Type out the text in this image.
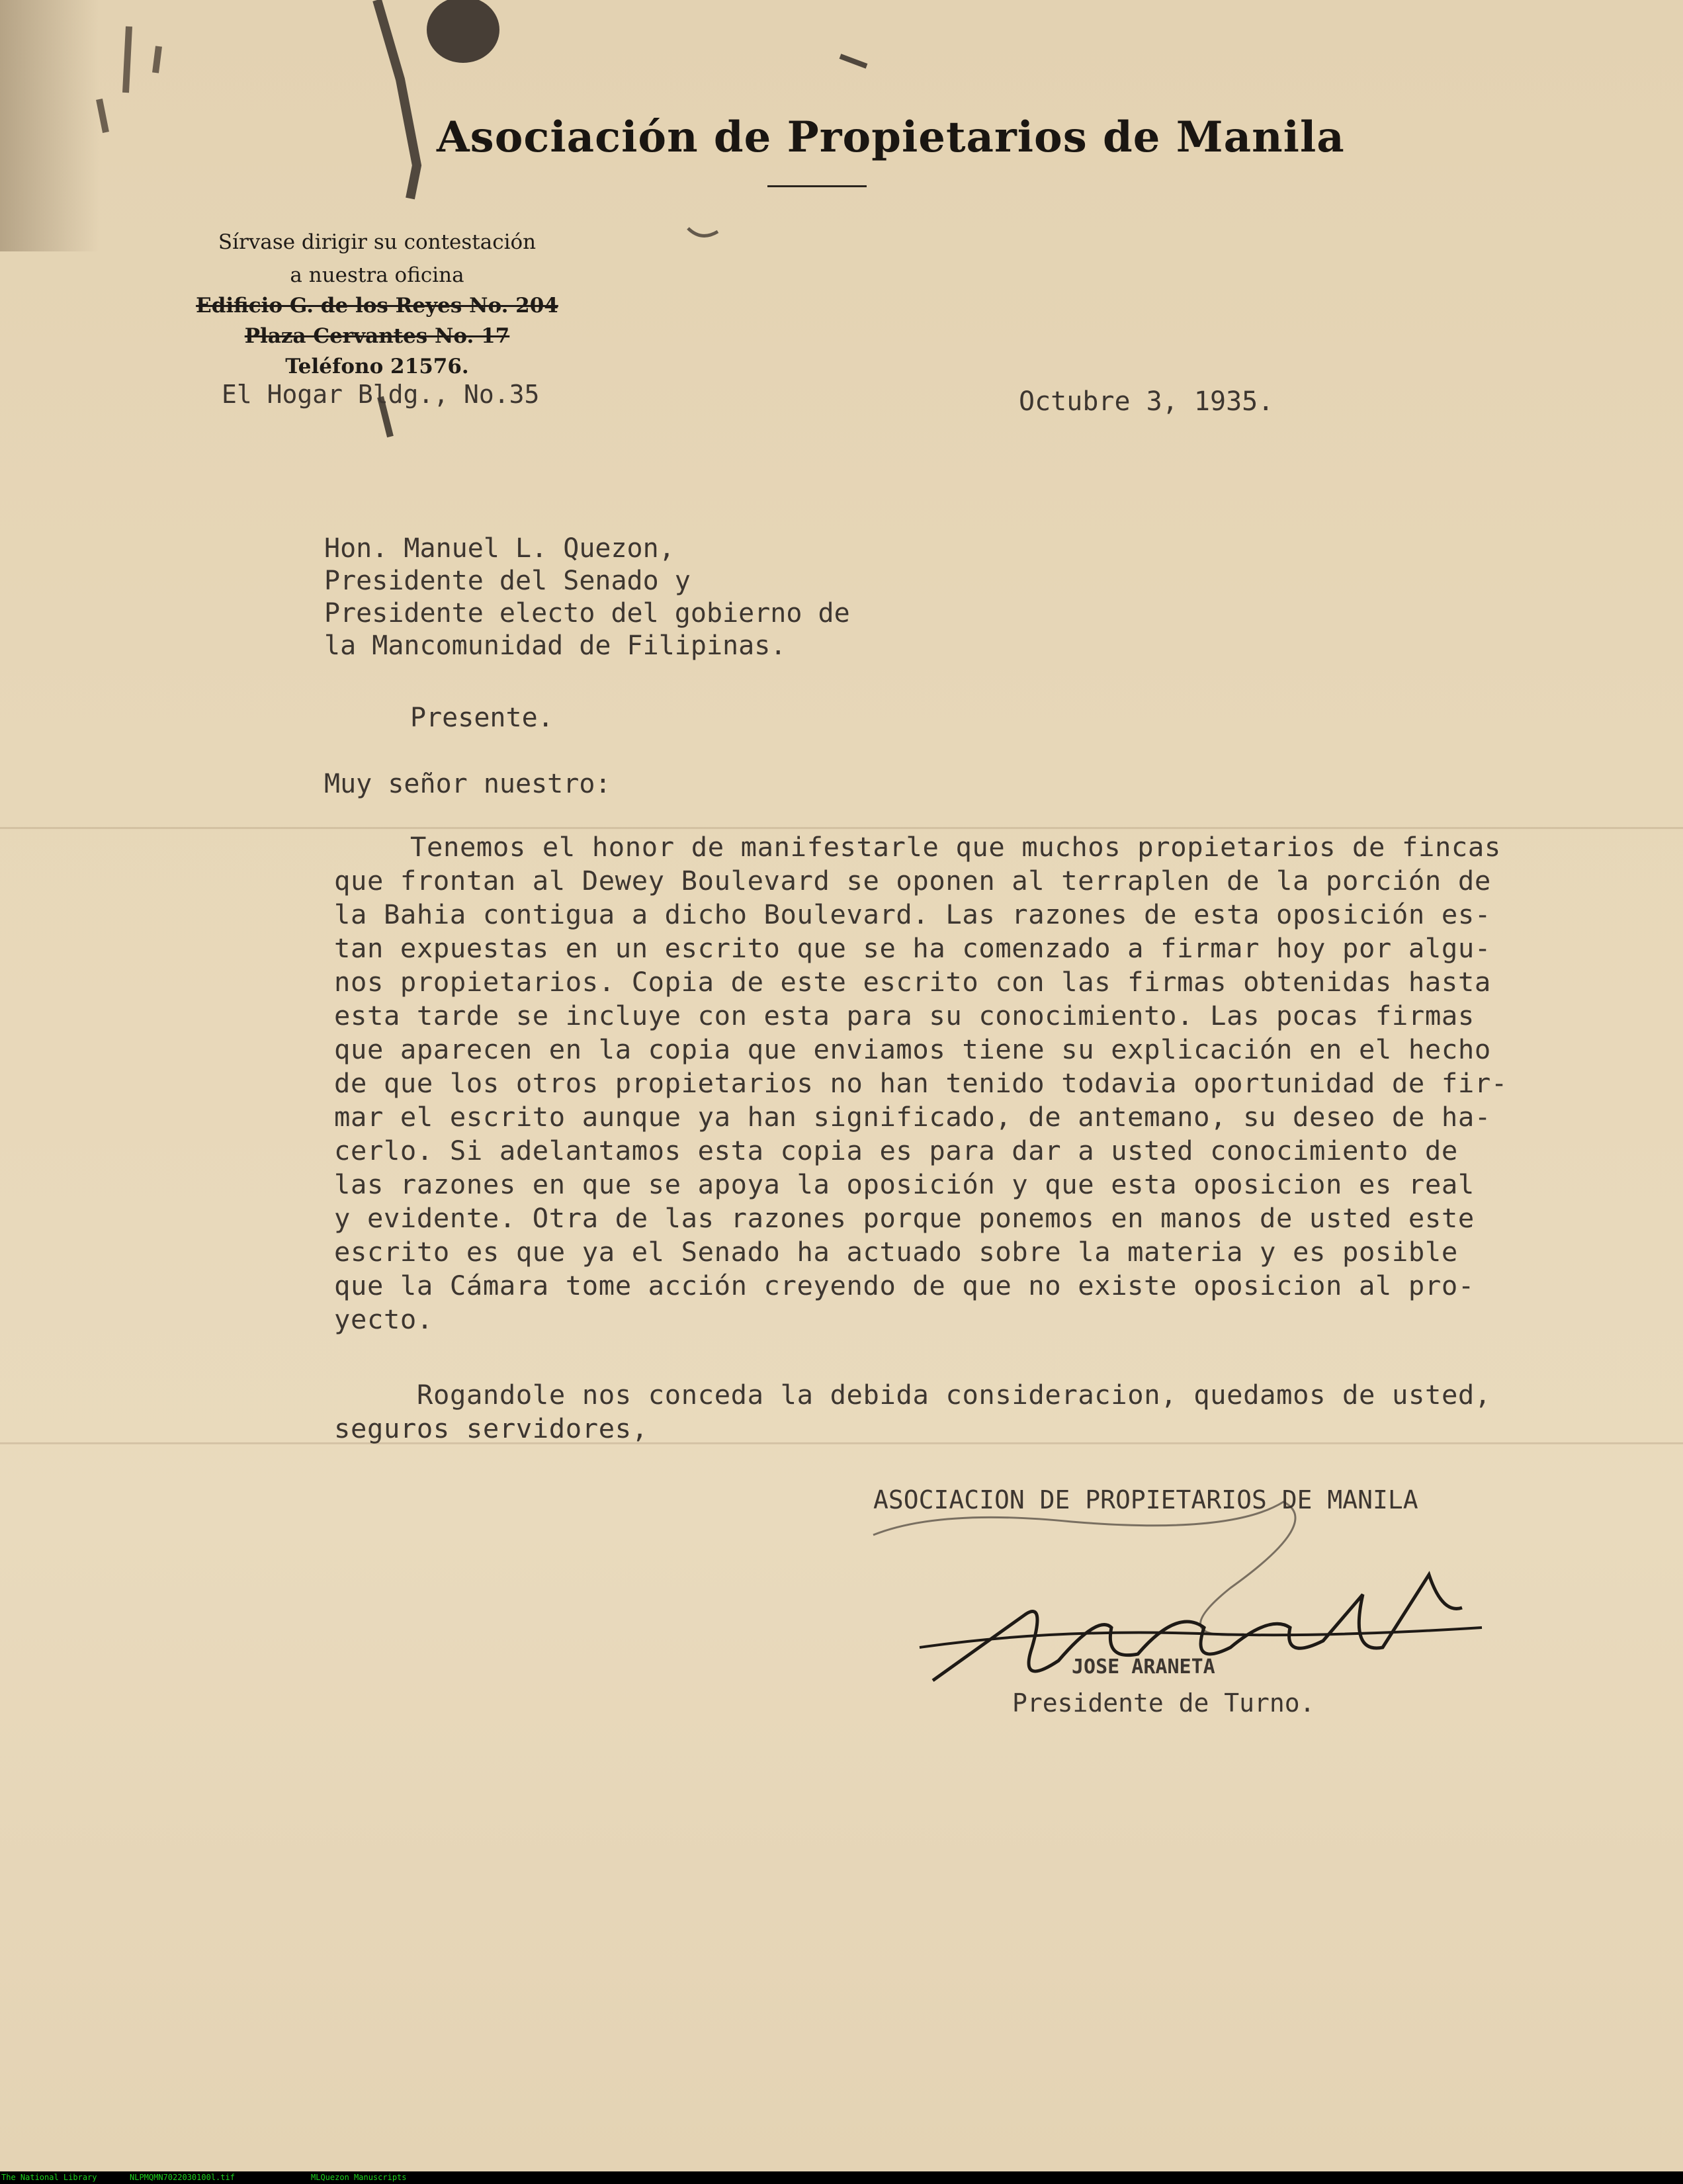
Asociación de Propietarios de Manila
Sírvase dirigir su contestación
a nuestra oficina
Edificio G. de los Reyes No. 204
Plaza Cervantes No. 17
Teléfono 21576.
El Hogar Bldg., No.35	Octubre 3, 1935.
Hon. Manuel L. Quezon,
Presidente del Senado y
Presidente electo del gobierno de
la Mancomunidad de Filipinas.
Presente.
Muy señor nuestro:
Tenemos el honor de manifestarle que muchos propietarios de fincas
que frontan al Dewey Boulevard se oponen al terraplen de la porción de
la Bahia contigua a dicho Boulevard. Las razones de esta oposición es-
tan expuestas en un escrito que se ha comenzado a firmar hoy por algu-
nos propietarios. Copia de este escrito con las firmas obtenidas hasta
esta tarde se incluye con esta para su conocimiento. Las pocas firmas
que aparecen en la copia que enviamos tiene su explicación en el hecho
de que los otros propietarios no han tenido todavia oportunidad de fir-
mar el escrito aunque ya han significado, de antemano, su deseo de ha-
cerlo. Si adelantamos esta copia es para dar a usted conocimiento de
las razones en que se apoya la oposición y que esta oposicion es real
y evidente. Otra de las razones porque ponemos en manos de usted este
escrito es que ya el Senado ha actuado sobre la materia y es posible
que la Cámara tome acción creyendo de que no existe oposicion al pro-
yecto.
Rogandole nos conceda la debida consideracion, quedamos de usted,
seguros servidores,
ASOCIACION DE PROPIETARIOS DE MANILA
JOSE ARANETA
Presidente de Turno.
The National Library	NLPMQMN7022030100l.tif	MLQuezon Manuscripts
